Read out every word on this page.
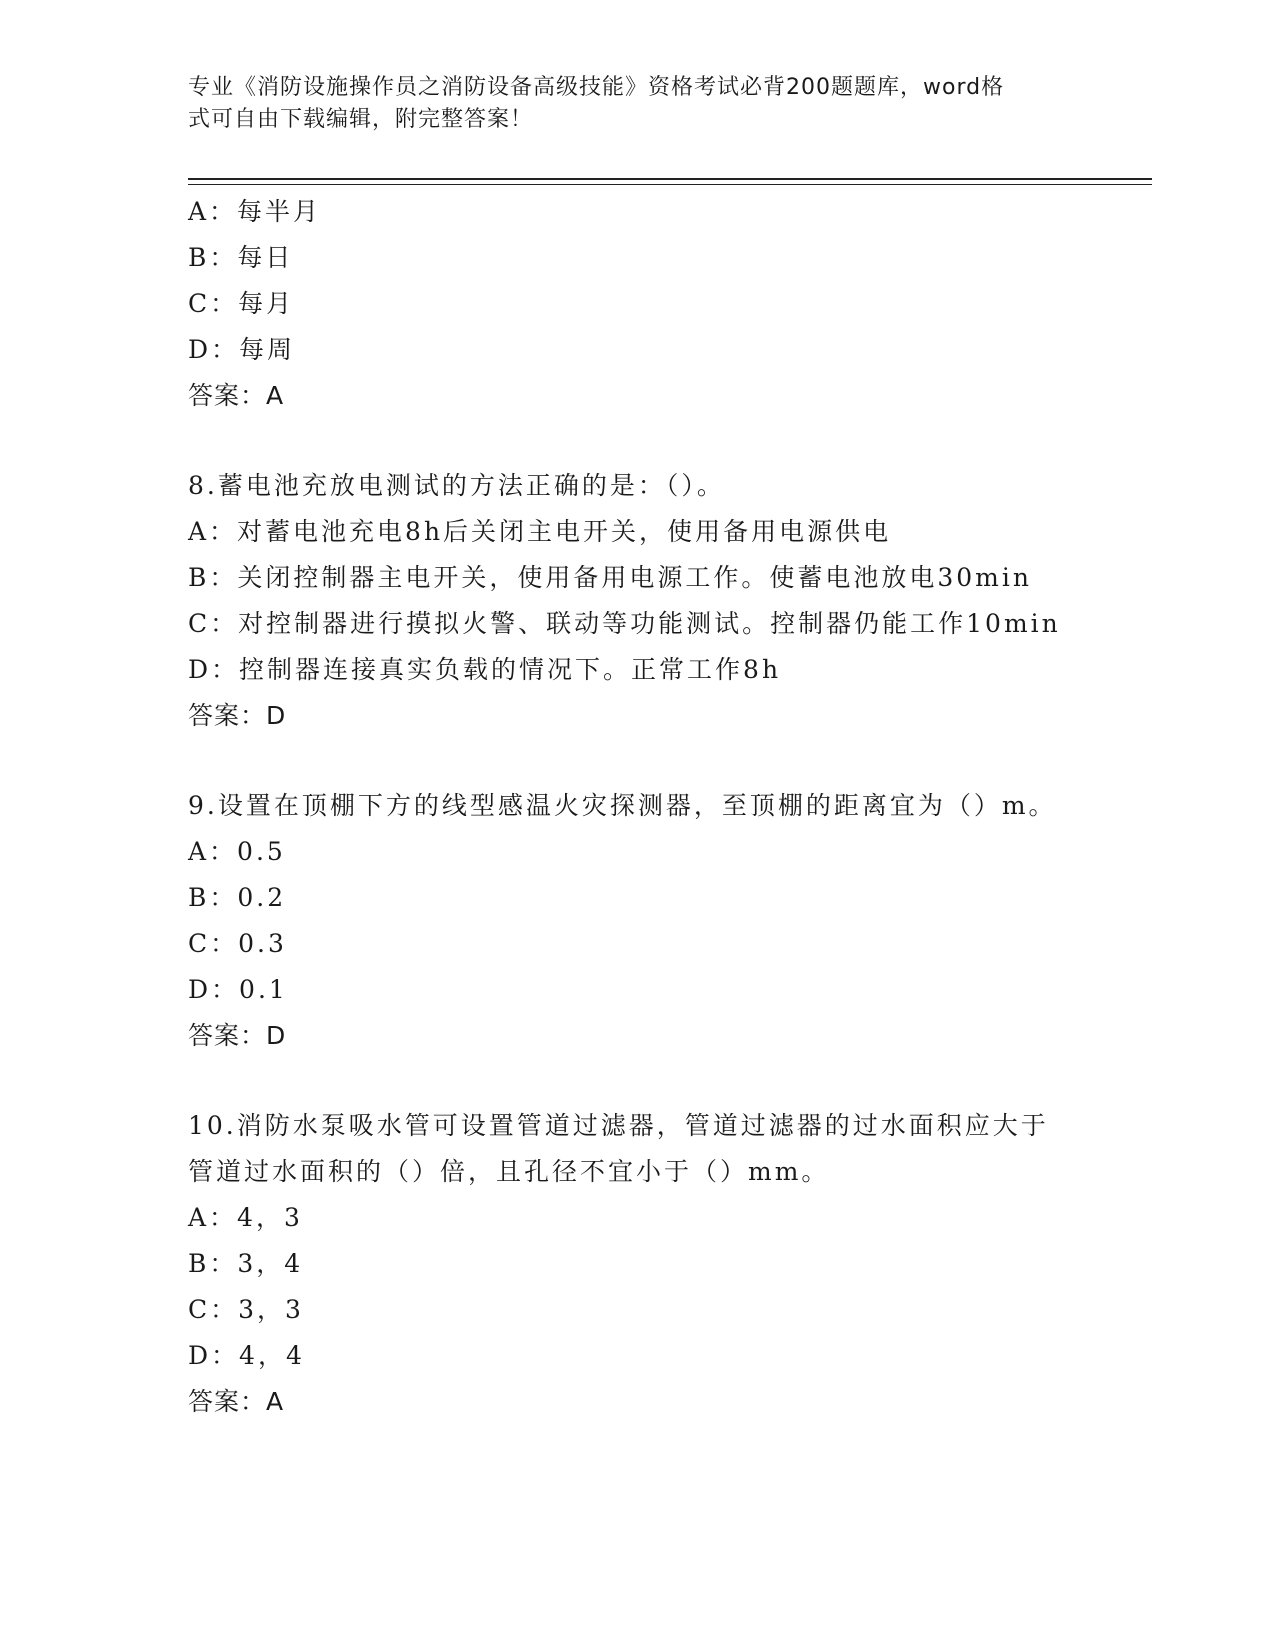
专业《消防设施操作员之消防设备高级技能》资格考试必背200题题库，word格
式可自由下载编辑，附完整答案！
A：每半月
B：每日
C：每月
D：每周
答案：A
8.蓄电池充放电测试的方法正确的是：（）。
A：对蓄电池充电8h后关闭主电开关，使用备用电源供电
B：关闭控制器主电开关，使用备用电源工作。使蓄电池放电30min
C：对控制器进行摸拟火警、联动等功能测试。控制器仍能工作10min
D：控制器连接真实负载的情况下。正常工作8h
答案：D
9.设置在顶棚下方的线型感温火灾探测器，至顶棚的距离宜为（）m。
A：0.5
B：0.2
C：0.3
D：0.1
答案：D
10.消防水泵吸水管可设置管道过滤器，管道过滤器的过水面积应大于
管道过水面积的（）倍，且孔径不宜小于（）mm。
A：4，3
B：3，4
C：3，3
D：4，4
答案：A
